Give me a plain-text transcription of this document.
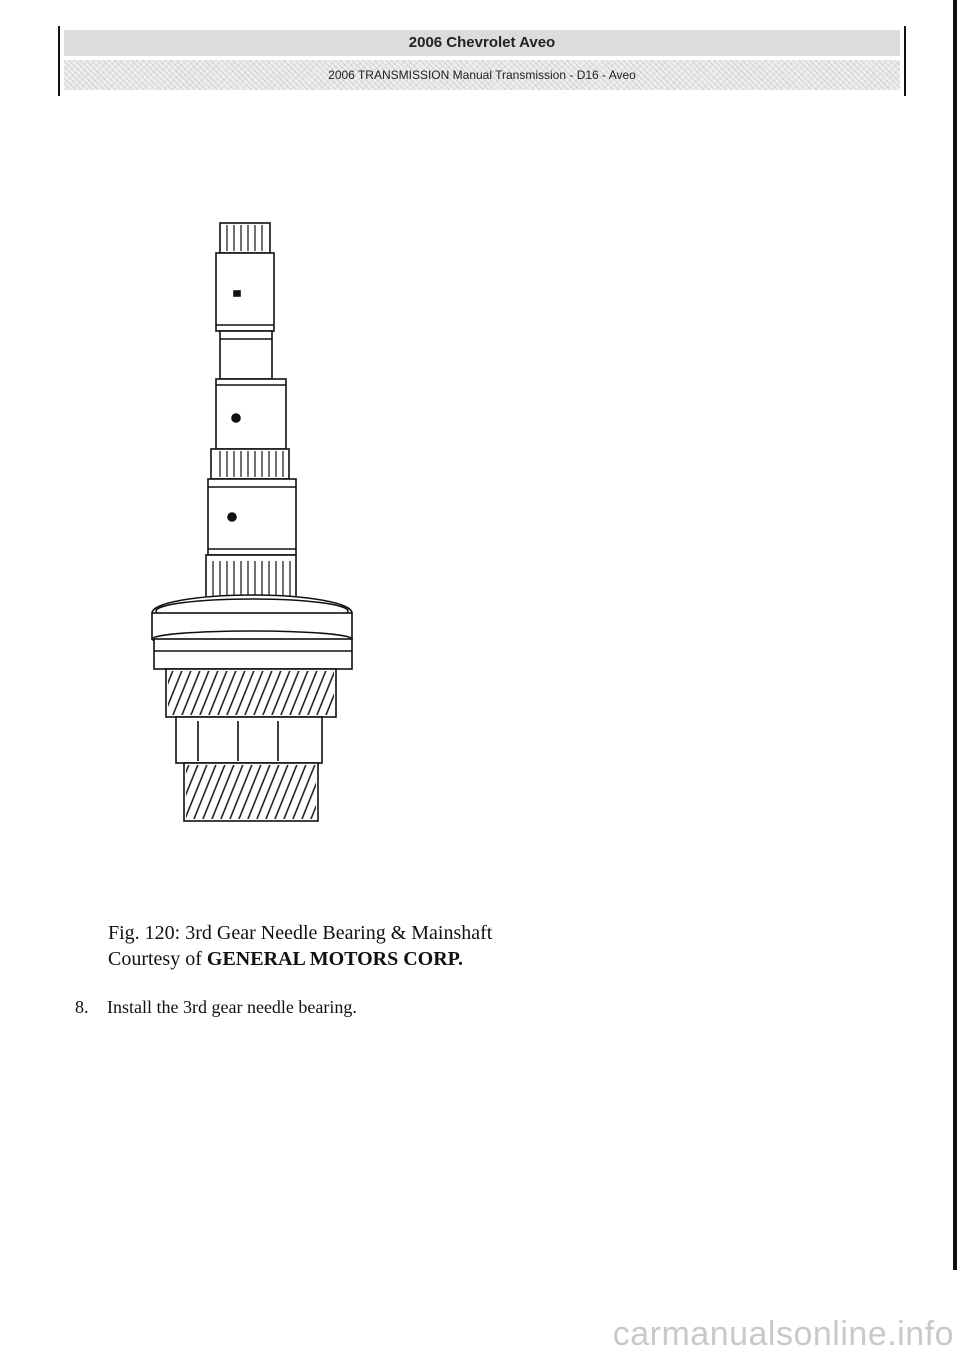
2006 Chevrolet Aveo
2006 TRANSMISSION Manual Transmission - D16 - Aveo
Fig. 120: 3rd Gear Needle Bearing & Mainshaft
Courtesy of GENERAL MOTORS CORP.
8. Install the 3rd gear needle bearing.
carmanualsonline.info
